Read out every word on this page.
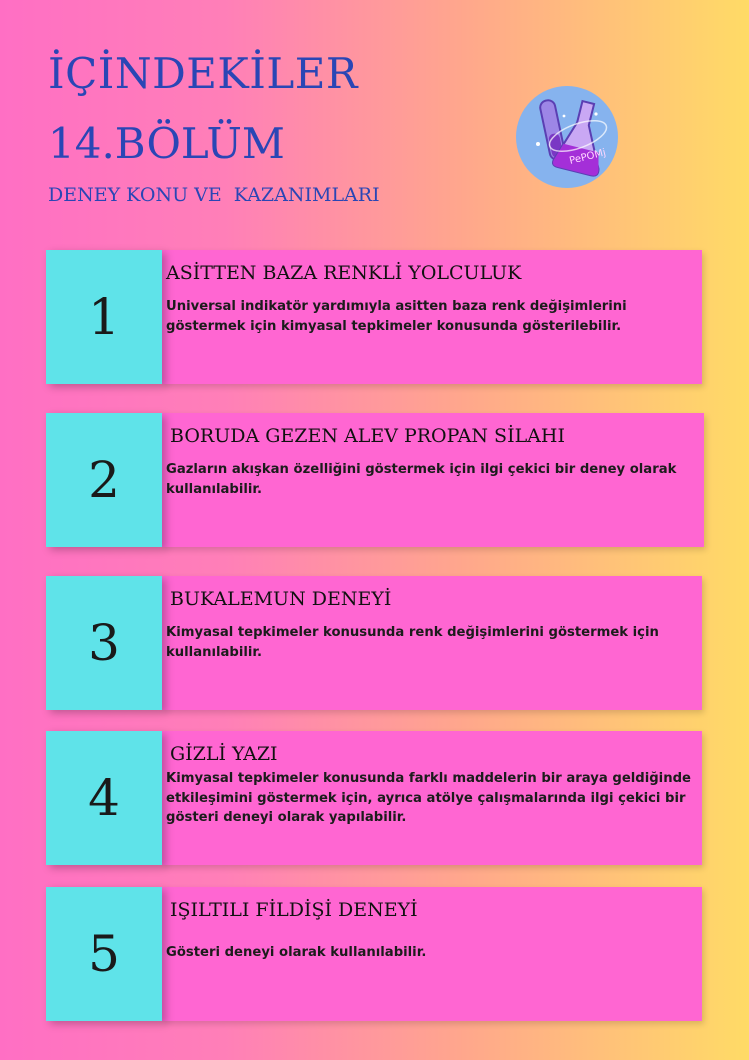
İÇİNDEKİLER
14.BÖLÜM
DENEY KONU VE  KAZANIMLARI
PePOMj
1
ASİTTEN BAZA RENKLİ YOLCULUK
Universal indikatör yardımıyla asitten baza renk değişimlerini göstermek için kimyasal tepkimeler konusunda gösterilebilir.
2
BORUDA GEZEN ALEV PROPAN SİLAHI
Gazların akışkan özelliğini göstermek için ilgi çekici bir deney olarak kullanılabilir.
3
BUKALEMUN DENEYİ
Kimyasal tepkimeler konusunda renk değişimlerini göstermek için kullanılabilir.
4
GİZLİ YAZI
Kimyasal tepkimeler konusunda farklı maddelerin bir araya geldiğinde etkileşimini göstermek için, ayrıca atölye çalışmalarında ilgi çekici bir gösteri deneyi olarak yapılabilir.
5
IŞILTILI FİLDİŞİ DENEYİ
Gösteri deneyi olarak kullanılabilir.
